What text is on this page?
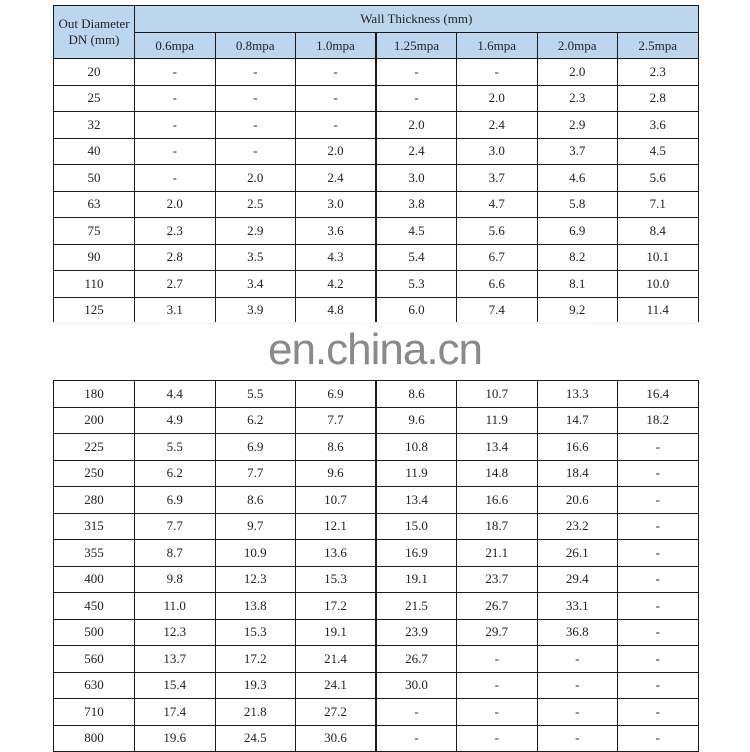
Out Diameter
DN (mm)	Wall Thickness (mm)						
	0.6mpa	0.8mpa	1.0mpa	1.25mpa	1.6mpa	2.0mpa	2.5mpa
20	-	-	-	-	-	2.0	2.3
25	-	-	-	-	2.0	2.3	2.8
32	-	-	-	2.0	2.4	2.9	3.6
40	-	-	2.0	2.4	3.0	3.7	4.5
50	-	2.0	2.4	3.0	3.7	4.6	5.6
63	2.0	2.5	3.0	3.8	4.7	5.8	7.1
75	2.3	2.9	3.6	4.5	5.6	6.9	8.4
90	2.8	3.5	4.3	5.4	6.7	8.2	10.1
110	2.7	3.4	4.2	5.3	6.6	8.1	10.0
125	3.1	3.9	4.8	6.0	7.4	9.2	11.4

180	4.4	5.5	6.9	8.6	10.7	13.3	16.4
200	4.9	6.2	7.7	9.6	11.9	14.7	18.2
225	5.5	6.9	8.6	10.8	13.4	16.6	-
250	6.2	7.7	9.6	11.9	14.8	18.4	-
280	6.9	8.6	10.7	13.4	16.6	20.6	-
315	7.7	9.7	12.1	15.0	18.7	23.2	-
355	8.7	10.9	13.6	16.9	21.1	26.1	-
400	9.8	12.3	15.3	19.1	23.7	29.4	-
450	11.0	13.8	17.2	21.5	26.7	33.1	-
500	12.3	15.3	19.1	23.9	29.7	36.8	-
560	13.7	17.2	21.4	26.7	-	-	-
630	15.4	19.3	24.1	30.0	-	-	-
710	17.4	21.8	27.2	-	-	-	-
800	19.6	24.5	30.6	-	-	-	-
en.china.cn
